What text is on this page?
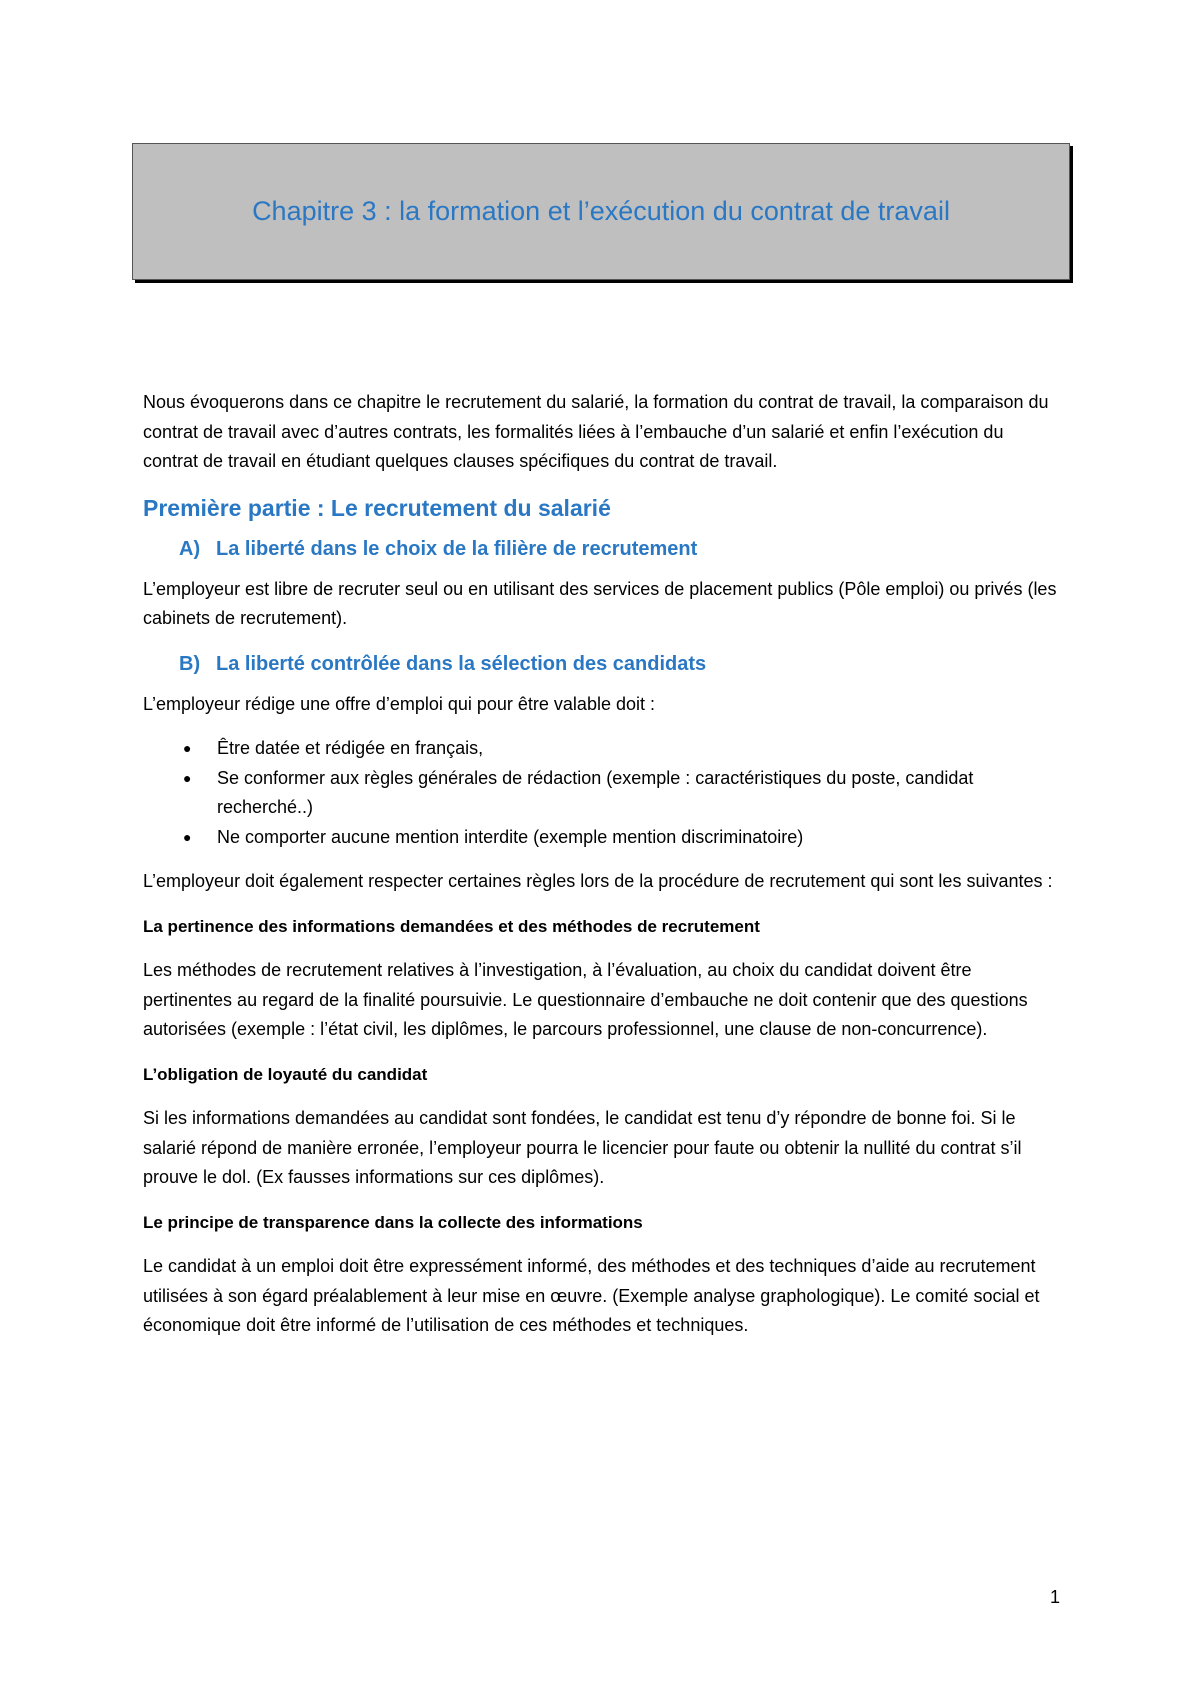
Chapitre 3 : la formation et l’exécution du contrat de travail

Nous évoquerons dans ce chapitre le recrutement du salarié, la formation du contrat de travail, la comparaison du contrat de travail avec d’autres contrats, les formalités liées à l’embauche d’un salarié et enfin l’exécution du contrat de travail en étudiant quelques clauses spécifiques du contrat de travail.

Première partie : Le recrutement du salarié
A) La liberté dans le choix de la filière de recrutement

L’employeur est libre de recruter seul ou en utilisant des services de placement publics (Pôle emploi) ou privés (les cabinets de recrutement).

B) La liberté contrôlée dans la sélection des candidats

L’employeur rédige une offre d’emploi qui pour être valable doit :

● Être datée et rédigée en français,
● Se conformer aux règles générales de rédaction (exemple : caractéristiques du poste, candidat recherché..)
● Ne comporter aucune mention interdite (exemple mention discriminatoire)

L’employeur doit également respecter certaines règles lors de la procédure de recrutement qui sont les suivantes :

La pertinence des informations demandées et des méthodes de recrutement

Les méthodes de recrutement relatives à l’investigation, à l’évaluation, au choix du candidat doivent être pertinentes au regard de la finalité poursuivie. Le questionnaire d’embauche ne doit contenir que des questions autorisées (exemple : l’état civil, les diplômes, le parcours professionnel, une clause de non-concurrence).

L’obligation de loyauté du candidat

Si les informations demandées au candidat sont fondées, le candidat est tenu d’y répondre de bonne foi. Si le salarié répond de manière erronée, l’employeur pourra le licencier pour faute ou obtenir la nullité du contrat s’il prouve le dol. (Ex fausses informations sur ces diplômes).

Le principe de transparence dans la collecte des informations

Le candidat à un emploi doit être expressément informé, des méthodes et des techniques d’aide au recrutement utilisées à son égard préalablement à leur mise en œuvre. (Exemple analyse graphologique). Le comité social et économique doit être informé de l’utilisation de ces méthodes et techniques.

1
